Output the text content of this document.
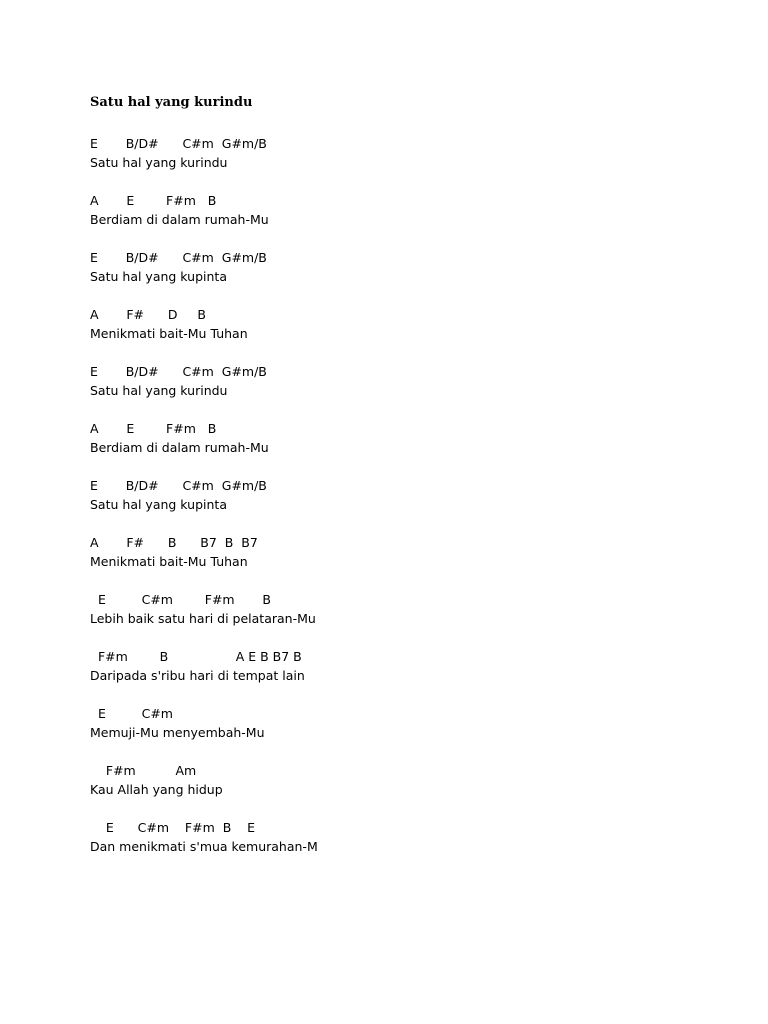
Satu hal yang kurindu
E       B/D#      C#m  G#m/B
Satu hal yang kurindu
A       E        F#m   B
Berdiam di dalam rumah-Mu
E       B/D#      C#m  G#m/B
Satu hal yang kupinta
A       F#      D     B
Menikmati bait-Mu Tuhan
E       B/D#      C#m  G#m/B
Satu hal yang kurindu
A       E        F#m   B
Berdiam di dalam rumah-Mu
E       B/D#      C#m  G#m/B
Satu hal yang kupinta
A       F#      B      B7  B  B7
Menikmati bait-Mu Tuhan
E         C#m        F#m       B
Lebih baik satu hari di pelataran-Mu
F#m        B                 A E B B7 B
Daripada s'ribu hari di tempat lain
E         C#m
Memuji-Mu menyembah-Mu
F#m          Am
Kau Allah yang hidup
E      C#m    F#m  B    E
Dan menikmati s'mua kemurahan-M
